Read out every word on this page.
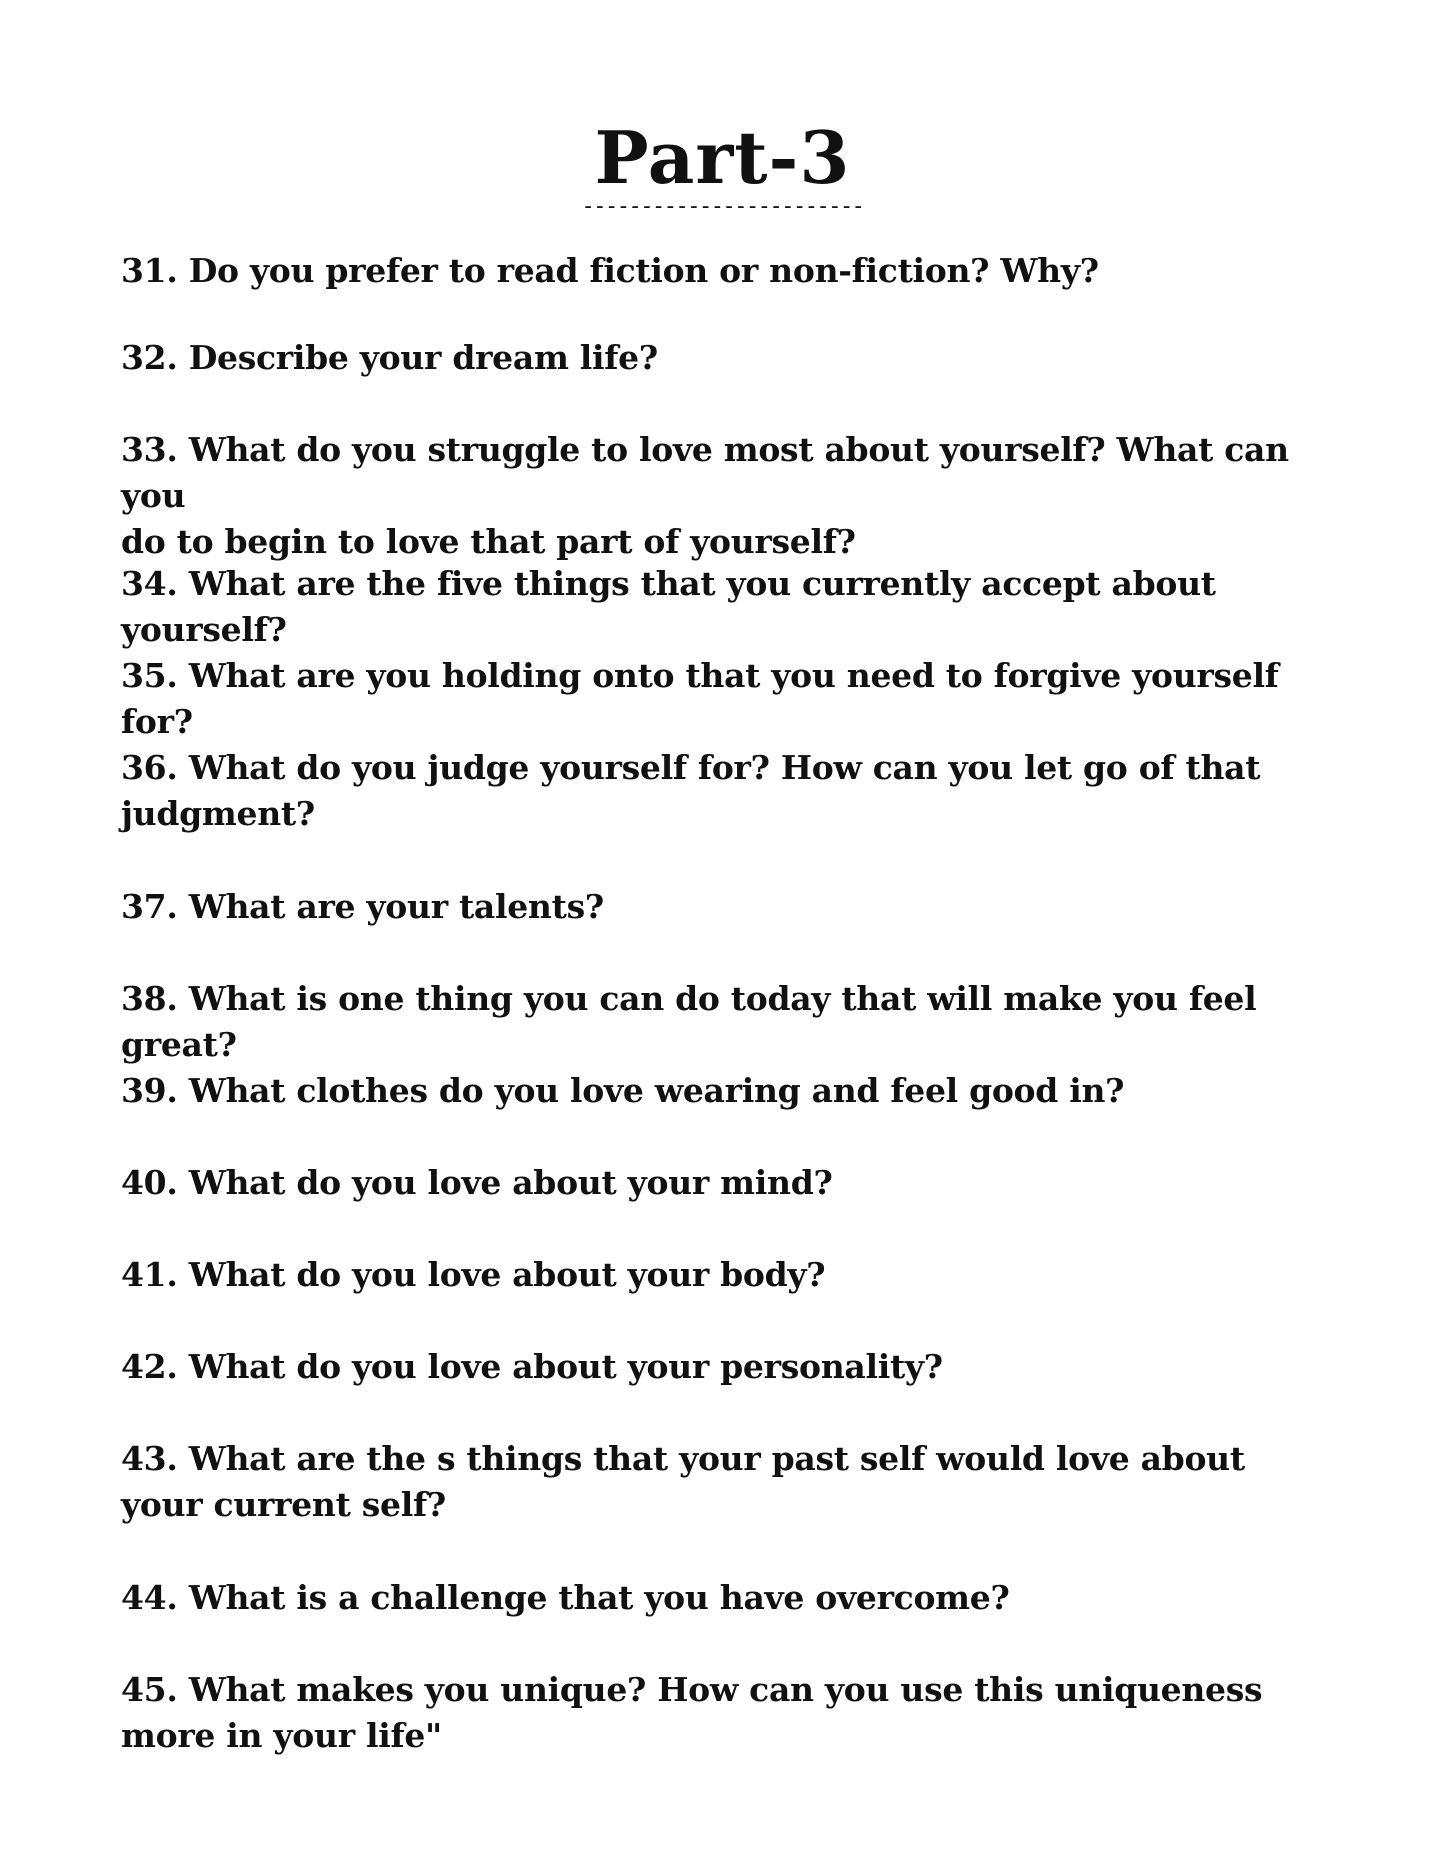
Part-3
------------------------
31. Do you prefer to read fiction or non-fiction? Why?
32. Describe your dream life?
33. What do you struggle to love most about yourself? What can you
do to begin to love that part of yourself?
34. What are the five things that you currently accept about yourself?
35. What are you holding onto that you need to forgive yourself for?
36. What do you judge yourself for? How can you let go of that
judgment?
37. What are your talents?
38. What is one thing you can do today that will make you feel great?
39. What clothes do you love wearing and feel good in?
40. What do you love about your mind?
41. What do you love about your body?
42. What do you love about your personality?
43. What are the s things that your past self would love about
your current self?
44. What is a challenge that you have overcome?
45. What makes you unique? How can you use this uniqueness
more in your life"
